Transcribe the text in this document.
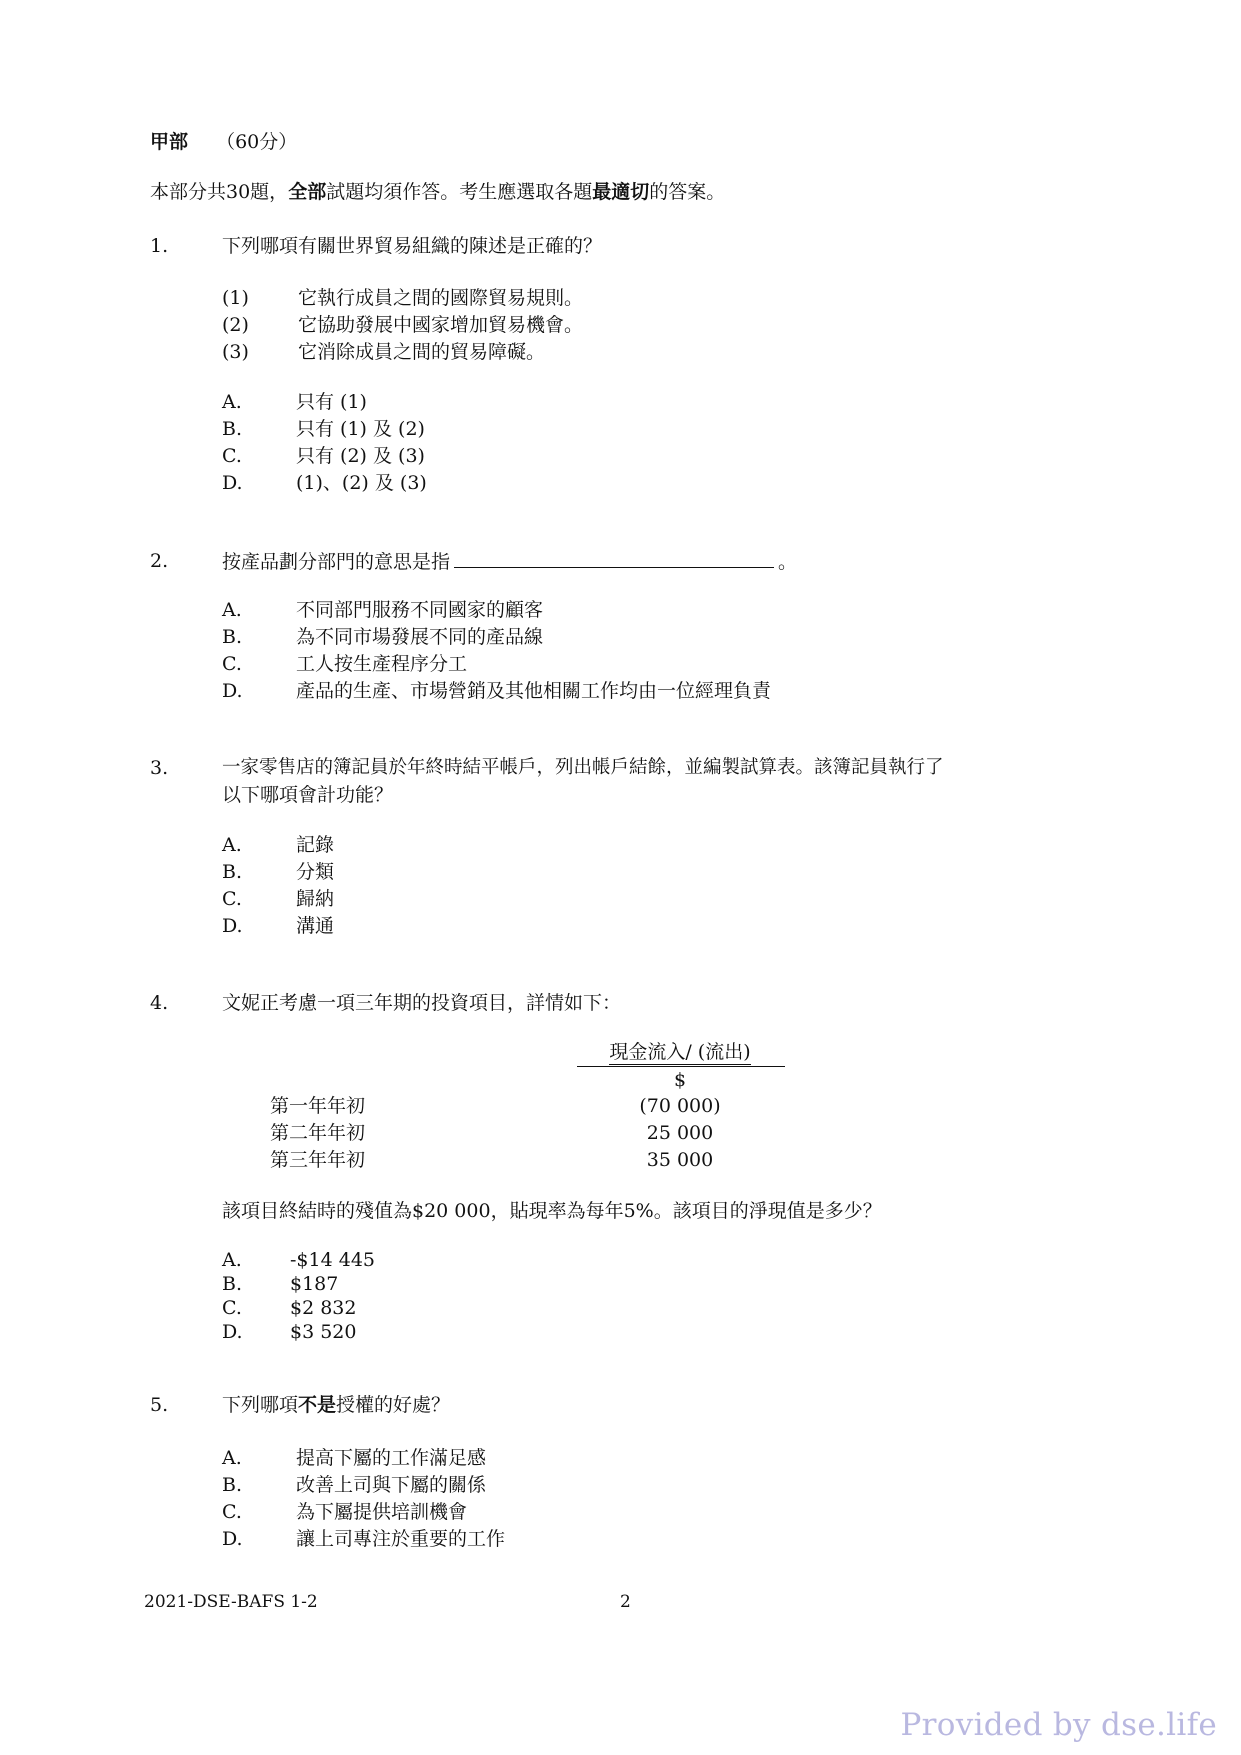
甲部 （60分）
本部分共30題，全部試題均須作答。考生應選取各題最適切的答案。
1.	下列哪項有關世界貿易組織的陳述是正確的？
(1)	它執行成員之間的國際貿易規則。
(2)	它協助發展中國家增加貿易機會。
(3)	它消除成員之間的貿易障礙。
A.	只有 (1)
B.	只有 (1) 及 (2)
C.	只有 (2) 及 (3)
D.	(1)、(2) 及 (3)
2.	按產品劃分部門的意思是指	。
A.	不同部門服務不同國家的顧客
B.	為不同市場發展不同的產品線
C.	工人按生產程序分工
D.	產品的生產、市場營銷及其他相關工作均由一位經理負責
3.	一家零售店的簿記員於年終時結平帳戶，列出帳戶結餘，並編製試算表。該簿記員執行了
以下哪項會計功能？
A.	記錄
B.	分類
C.	歸納
D.	溝通
4.	文妮正考慮一項三年期的投資項目，詳情如下：
現金流入/ (流出)
$
第一年年初	(70 000)
第二年年初	25 000
第三年年初	35 000
該項目終結時的殘值為$20 000，貼現率為每年5%。該項目的淨現值是多少？
A.	-$14 445
B.	$187
C.	$2 832
D. $3 520
5.	下列哪項不是授權的好處？
A.	提高下屬的工作滿足感
B.	改善上司與下屬的關係
C.	為下屬提供培訓機會
D.	讓上司專注於重要的工作
2021-DSE-BAFS 1-2	2
Provided by dse.life
